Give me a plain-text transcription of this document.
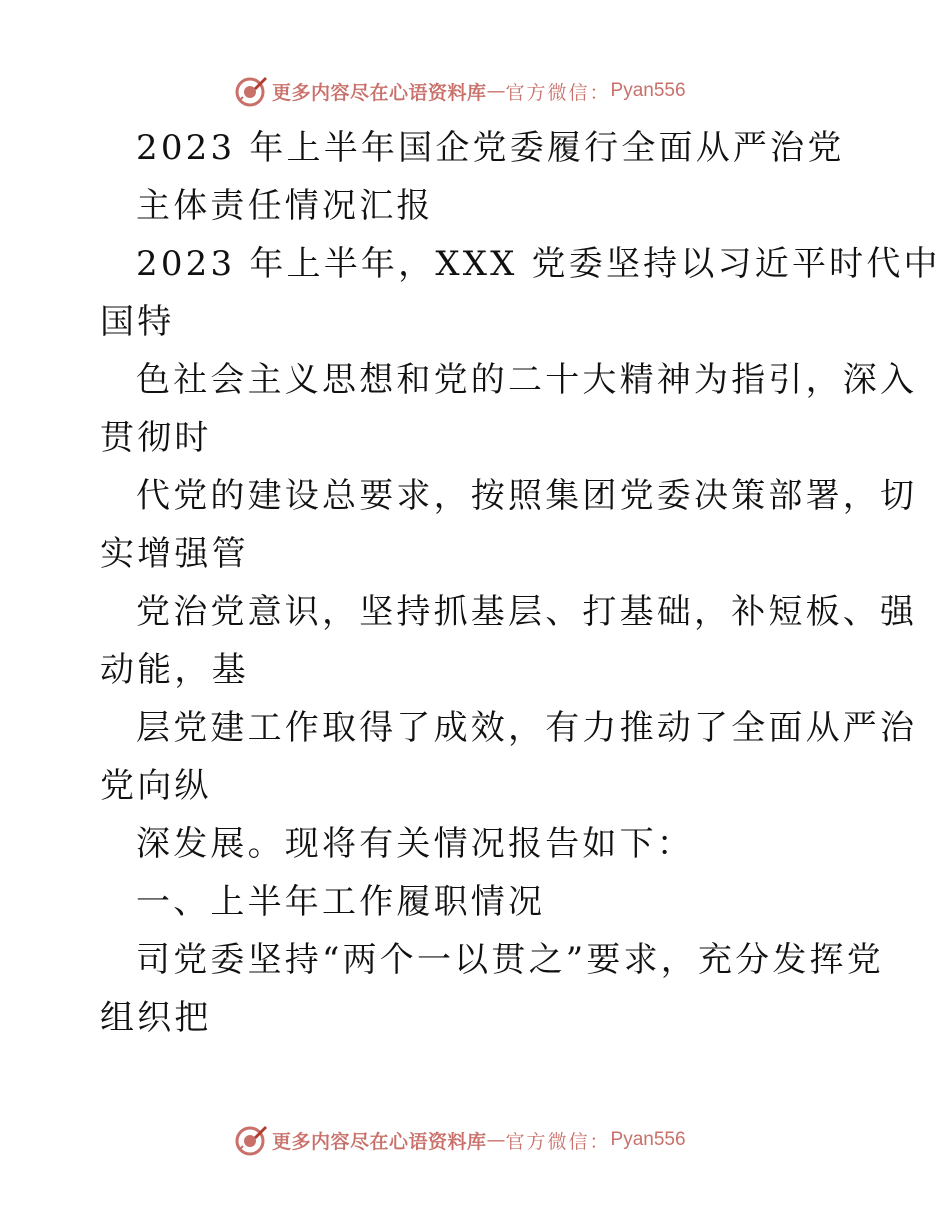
更多内容尽在心语资料库 — 官方微信： Pyan556
2023 年上半年国企党委履行全面从严治党
主体责任情况汇报
2023 年上半年，XXX 党委坚持以习近平时代中
国特
色社会主义思想和党的二十大精神为指引，深入
贯彻时
代党的建设总要求，按照集团党委决策部署，切
实增强管
党治党意识，坚持抓基层、打基础，补短板、强
动能，基
层党建工作取得了成效，有力推动了全面从严治
党向纵
深发展。现将有关情况报告如下：
一、上半年工作履职情况
司党委坚持“两个一以贯之”要求，充分发挥党
组织把
更多内容尽在心语资料库 — 官方微信： Pyan556
